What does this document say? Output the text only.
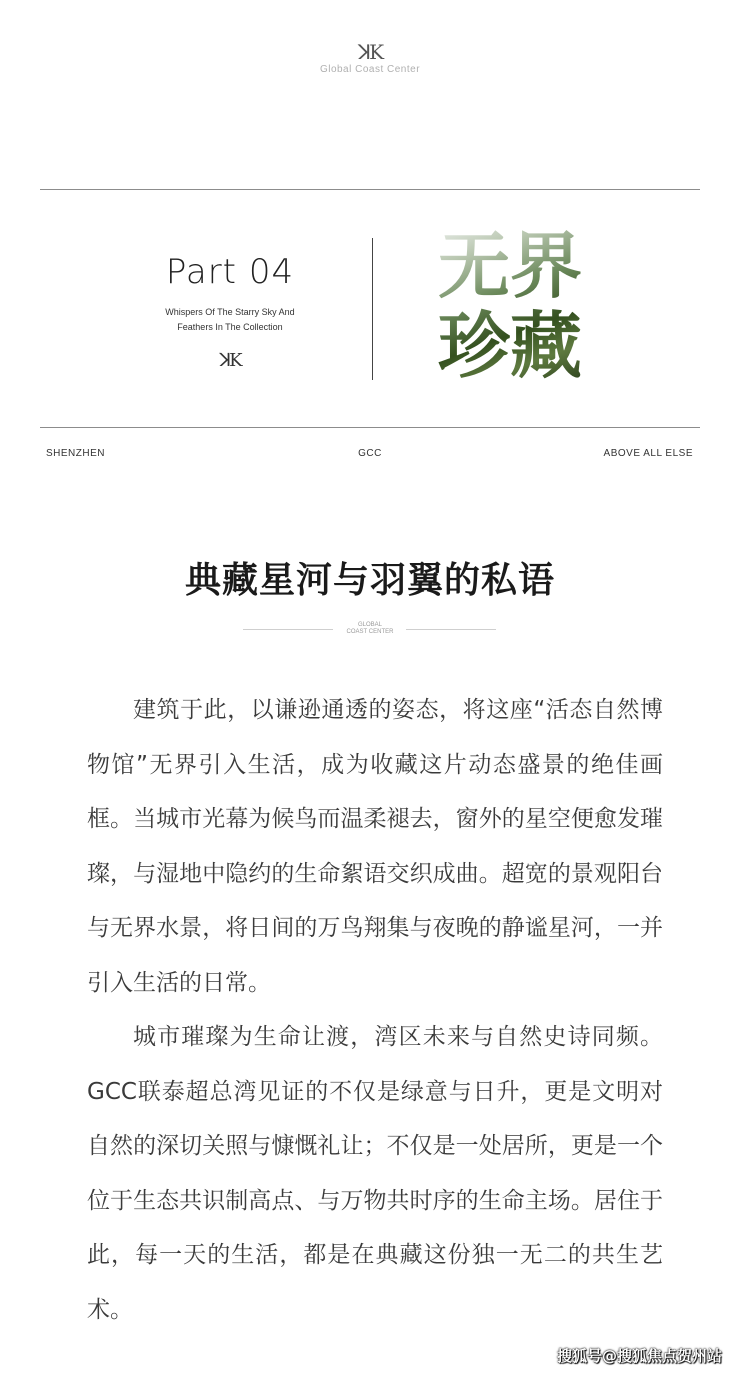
ꓘK
Global Coast Center
Part 04
Whispers Of The Starry Sky And
Feathers In The Collection
ꓘK
无界
珍藏
SHENZHEN	GCC	ABOVE ALL ELSE
典藏星河与羽翼的私语
GLOBAL
COAST CENTER

建筑于此，以谦逊通透的姿态，将这座“活态自然博物馆”无界引入生活，成为收藏这片动态盛景的绝佳画框。当城市光幕为候鸟而温柔褪去，窗外的星空便愈发璀璨，与湿地中隐约的生命絮语交织成曲。超宽的景观阳台与无界水景，将日间的万鸟翔集与夜晚的静谧星河，一并引入生活的日常。

城市璀璨为生命让渡，湾区未来与自然史诗同频。GCC联泰超总湾见证的不仅是绿意与日升，更是文明对自然的深切关照与慷慨礼让；不仅是一处居所，更是一个位于生态共识制高点、与万物共时序的生命主场。居住于此，每一天的生活，都是在典藏这份独一无二的共生艺术。

搜狐号@搜狐焦点贺州站
